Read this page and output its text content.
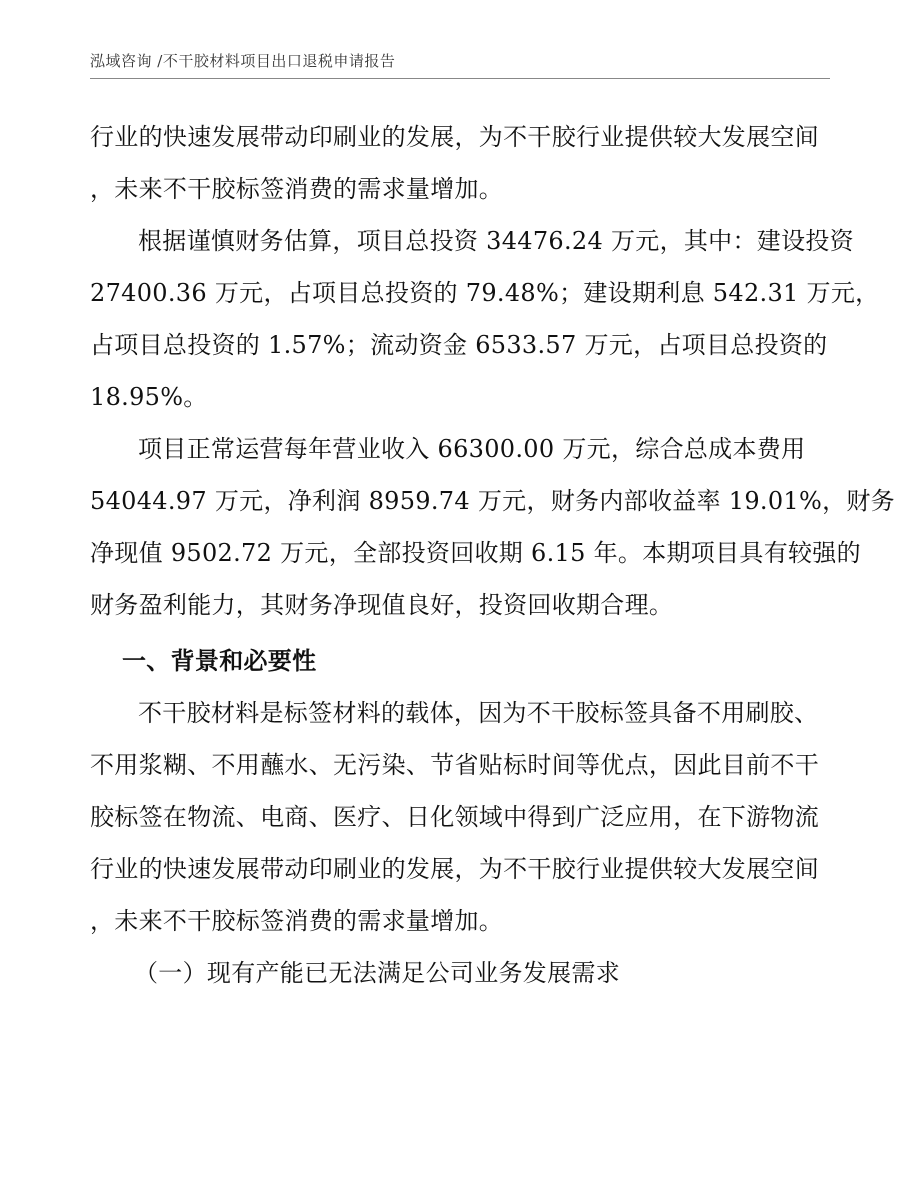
泓域咨询 /不干胶材料项目出口退税申请报告
行业的快速发展带动印刷业的发展，为不干胶行业提供较大发展空间
，未来不干胶标签消费的需求量增加。
根据谨慎财务估算，项目总投资 34476.24 万元，其中：建设投资
27400.36 万元，占项目总投资的 79.48%；建设期利息 542.31 万元，
占项目总投资的 1.57%；流动资金 6533.57 万元，占项目总投资的
18.95%。
项目正常运营每年营业收入 66300.00 万元，综合总成本费用
54044.97 万元，净利润 8959.74 万元，财务内部收益率 19.01%，财务
净现值 9502.72 万元，全部投资回收期 6.15 年。本期项目具有较强的
财务盈利能力，其财务净现值良好，投资回收期合理。
一、背景和必要性
不干胶材料是标签材料的载体，因为不干胶标签具备不用刷胶、
不用浆糊、不用蘸水、无污染、节省贴标时间等优点，因此目前不干
胶标签在物流、电商、医疗、日化领域中得到广泛应用，在下游物流
行业的快速发展带动印刷业的发展，为不干胶行业提供较大发展空间
，未来不干胶标签消费的需求量增加。
（一）现有产能已无法满足公司业务发展需求
